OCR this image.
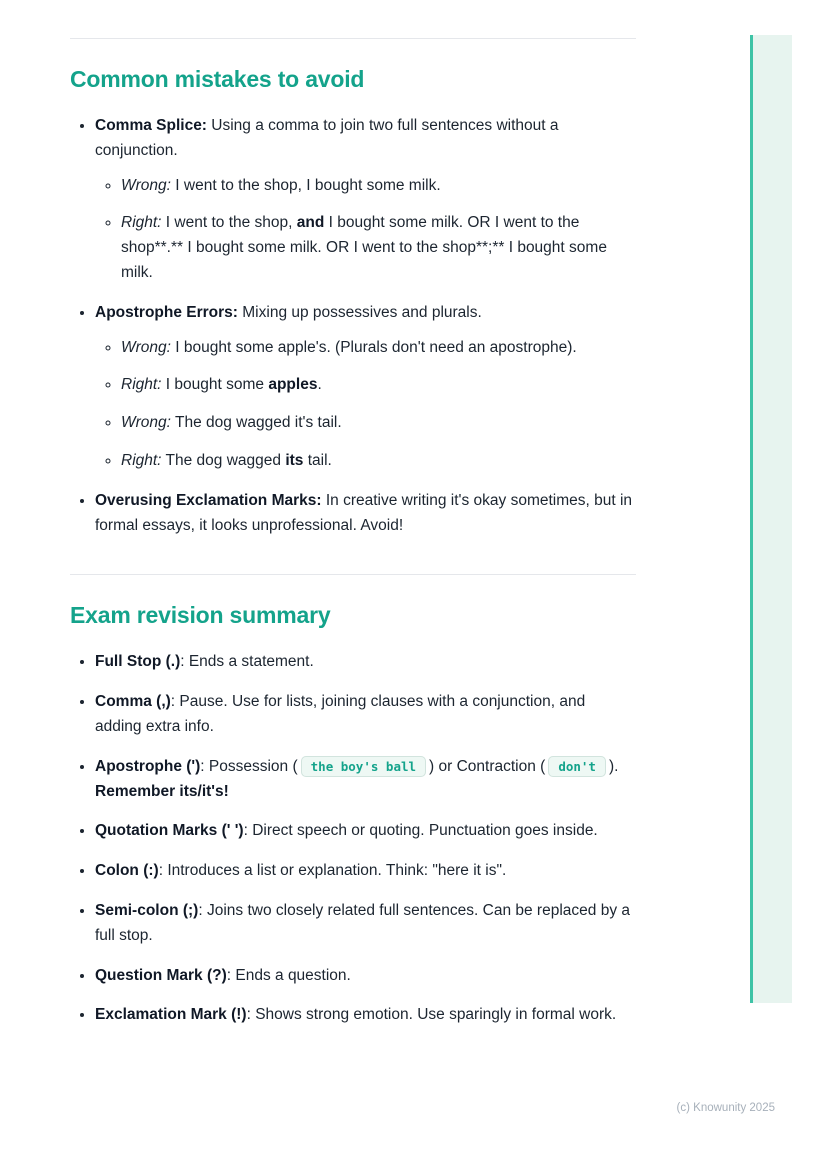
Common mistakes to avoid
• Comma Splice: Using a comma to join two full sentences without a conjunction.
◦ Wrong: I went to the shop, I bought some milk.
◦ Right: I went to the shop, and I bought some milk. OR I went to the shop**.** I bought some milk. OR I went to the shop**;** I bought some milk.
• Apostrophe Errors: Mixing up possessives and plurals.
◦ Wrong: I bought some apple's. (Plurals don't need an apostrophe).
◦ Right: I bought some apples.
◦ Wrong: The dog wagged it's tail.
◦ Right: The dog wagged its tail.
• Overusing Exclamation Marks: In creative writing it's okay sometimes, but in formal essays, it looks unprofessional. Avoid!
Exam revision summary
• Full Stop (.): Ends a statement.
• Comma (,): Pause. Use for lists, joining clauses with a conjunction, and adding extra info.
• Apostrophe ('): Possession ( the boy's ball ) or Contraction ( don't ). Remember its/it's!
• Quotation Marks (' '): Direct speech or quoting. Punctuation goes inside.
• Colon (:): Introduces a list or explanation. Think: "here it is".
• Semi-colon (;): Joins two closely related full sentences. Can be replaced by a full stop.
• Question Mark (?): Ends a question.
• Exclamation Mark (!): Shows strong emotion. Use sparingly in formal work.
(c) Knowunity 2025
